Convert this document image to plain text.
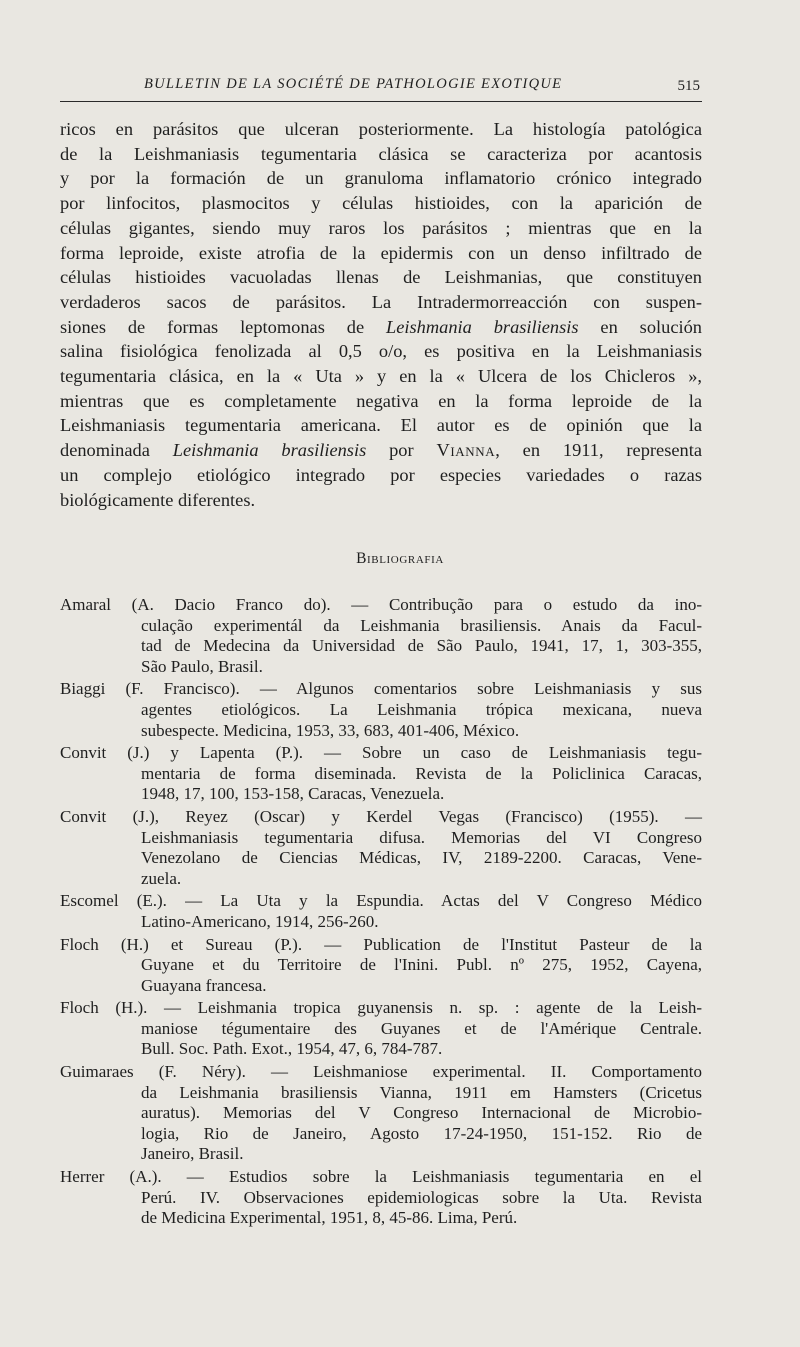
BULLETIN DE LA SOCIÉTÉ DE PATHOLOGIE EXOTIQUE	515
ricos en parásitos que ulceran posteriormente. La histología patológica
de la Leishmaniasis tegumentaria clásica se caracteriza por acantosis
y por la formación de un granuloma inflamatorio crónico integrado
por linfocitos, plasmocitos y células histioides, con la aparición de
células gigantes, siendo muy raros los parásitos ; mientras que en la
forma leproide, existe atrofia de la epidermis con un denso infiltrado de
células histioides vacuoladas llenas de Leishmanias, que constituyen
verdaderos sacos de parásitos. La Intradermorreacción con suspen-
siones de formas leptomonas de Leishmania brasiliensis en solución
salina fisiológica fenolizada al 0,5 o/o, es positiva en la Leishmaniasis
tegumentaria clásica, en la « Uta » y en la « Ulcera de los Chicleros »,
mientras que es completamente negativa en la forma leproide de la
Leishmaniasis tegumentaria americana. El autor es de opinión que la
denominada Leishmania brasiliensis por Vianna, en 1911, representa
un complejo etiológico integrado por especies variedades o razas
biológicamente diferentes.
Bibliografia
Amaral (A. Dacio Franco do). — Contribução para o estudo da ino-
culação experimentál da Leishmania brasiliensis. Anais da Facul-
tad de Medecina da Universidad de São Paulo, 1941, 17, 1, 303-355,
São Paulo, Brasil.
Biaggi (F. Francisco). — Algunos comentarios sobre Leishmaniasis y sus
agentes etiológicos. La Leishmania trópica mexicana, nueva
subespecte. Medicina, 1953, 33, 683, 401-406, México.
Convit (J.) y Lapenta (P.). — Sobre un caso de Leishmaniasis tegu-
mentaria de forma diseminada. Revista de la Policlinica Caracas,
1948, 17, 100, 153-158, Caracas, Venezuela.
Convit (J.), Reyez (Oscar) y Kerdel Vegas (Francisco) (1955). —
Leishmaniasis tegumentaria difusa. Memorias del VI Congreso
Venezolano de Ciencias Médicas, IV, 2189-2200. Caracas, Vene-
zuela.
Escomel (E.). — La Uta y la Espundia. Actas del V Congreso Médico
Latino-Americano, 1914, 256-260.
Floch (H.) et Sureau (P.). — Publication de l'Institut Pasteur de la
Guyane et du Territoire de l'Inini. Publ. nº 275, 1952, Cayena,
Guayana francesa.
Floch (H.). — Leishmania tropica guyanensis n. sp. : agente de la Leish-
maniose tégumentaire des Guyanes et de l'Amérique Centrale.
Bull. Soc. Path. Exot., 1954, 47, 6, 784-787.
Guimaraes (F. Néry). — Leishmaniose experimental. II. Comportamento
da Leishmania brasiliensis Vianna, 1911 em Hamsters (Cricetus
auratus). Memorias del V Congreso Internacional de Microbio-
logia, Rio de Janeiro, Agosto 17-24-1950, 151-152. Rio de
Janeiro, Brasil.
Herrer (A.). — Estudios sobre la Leishmaniasis tegumentaria en el
Perú. IV. Observaciones epidemiologicas sobre la Uta. Revista
de Medicina Experimental, 1951, 8, 45-86. Lima, Perú.
